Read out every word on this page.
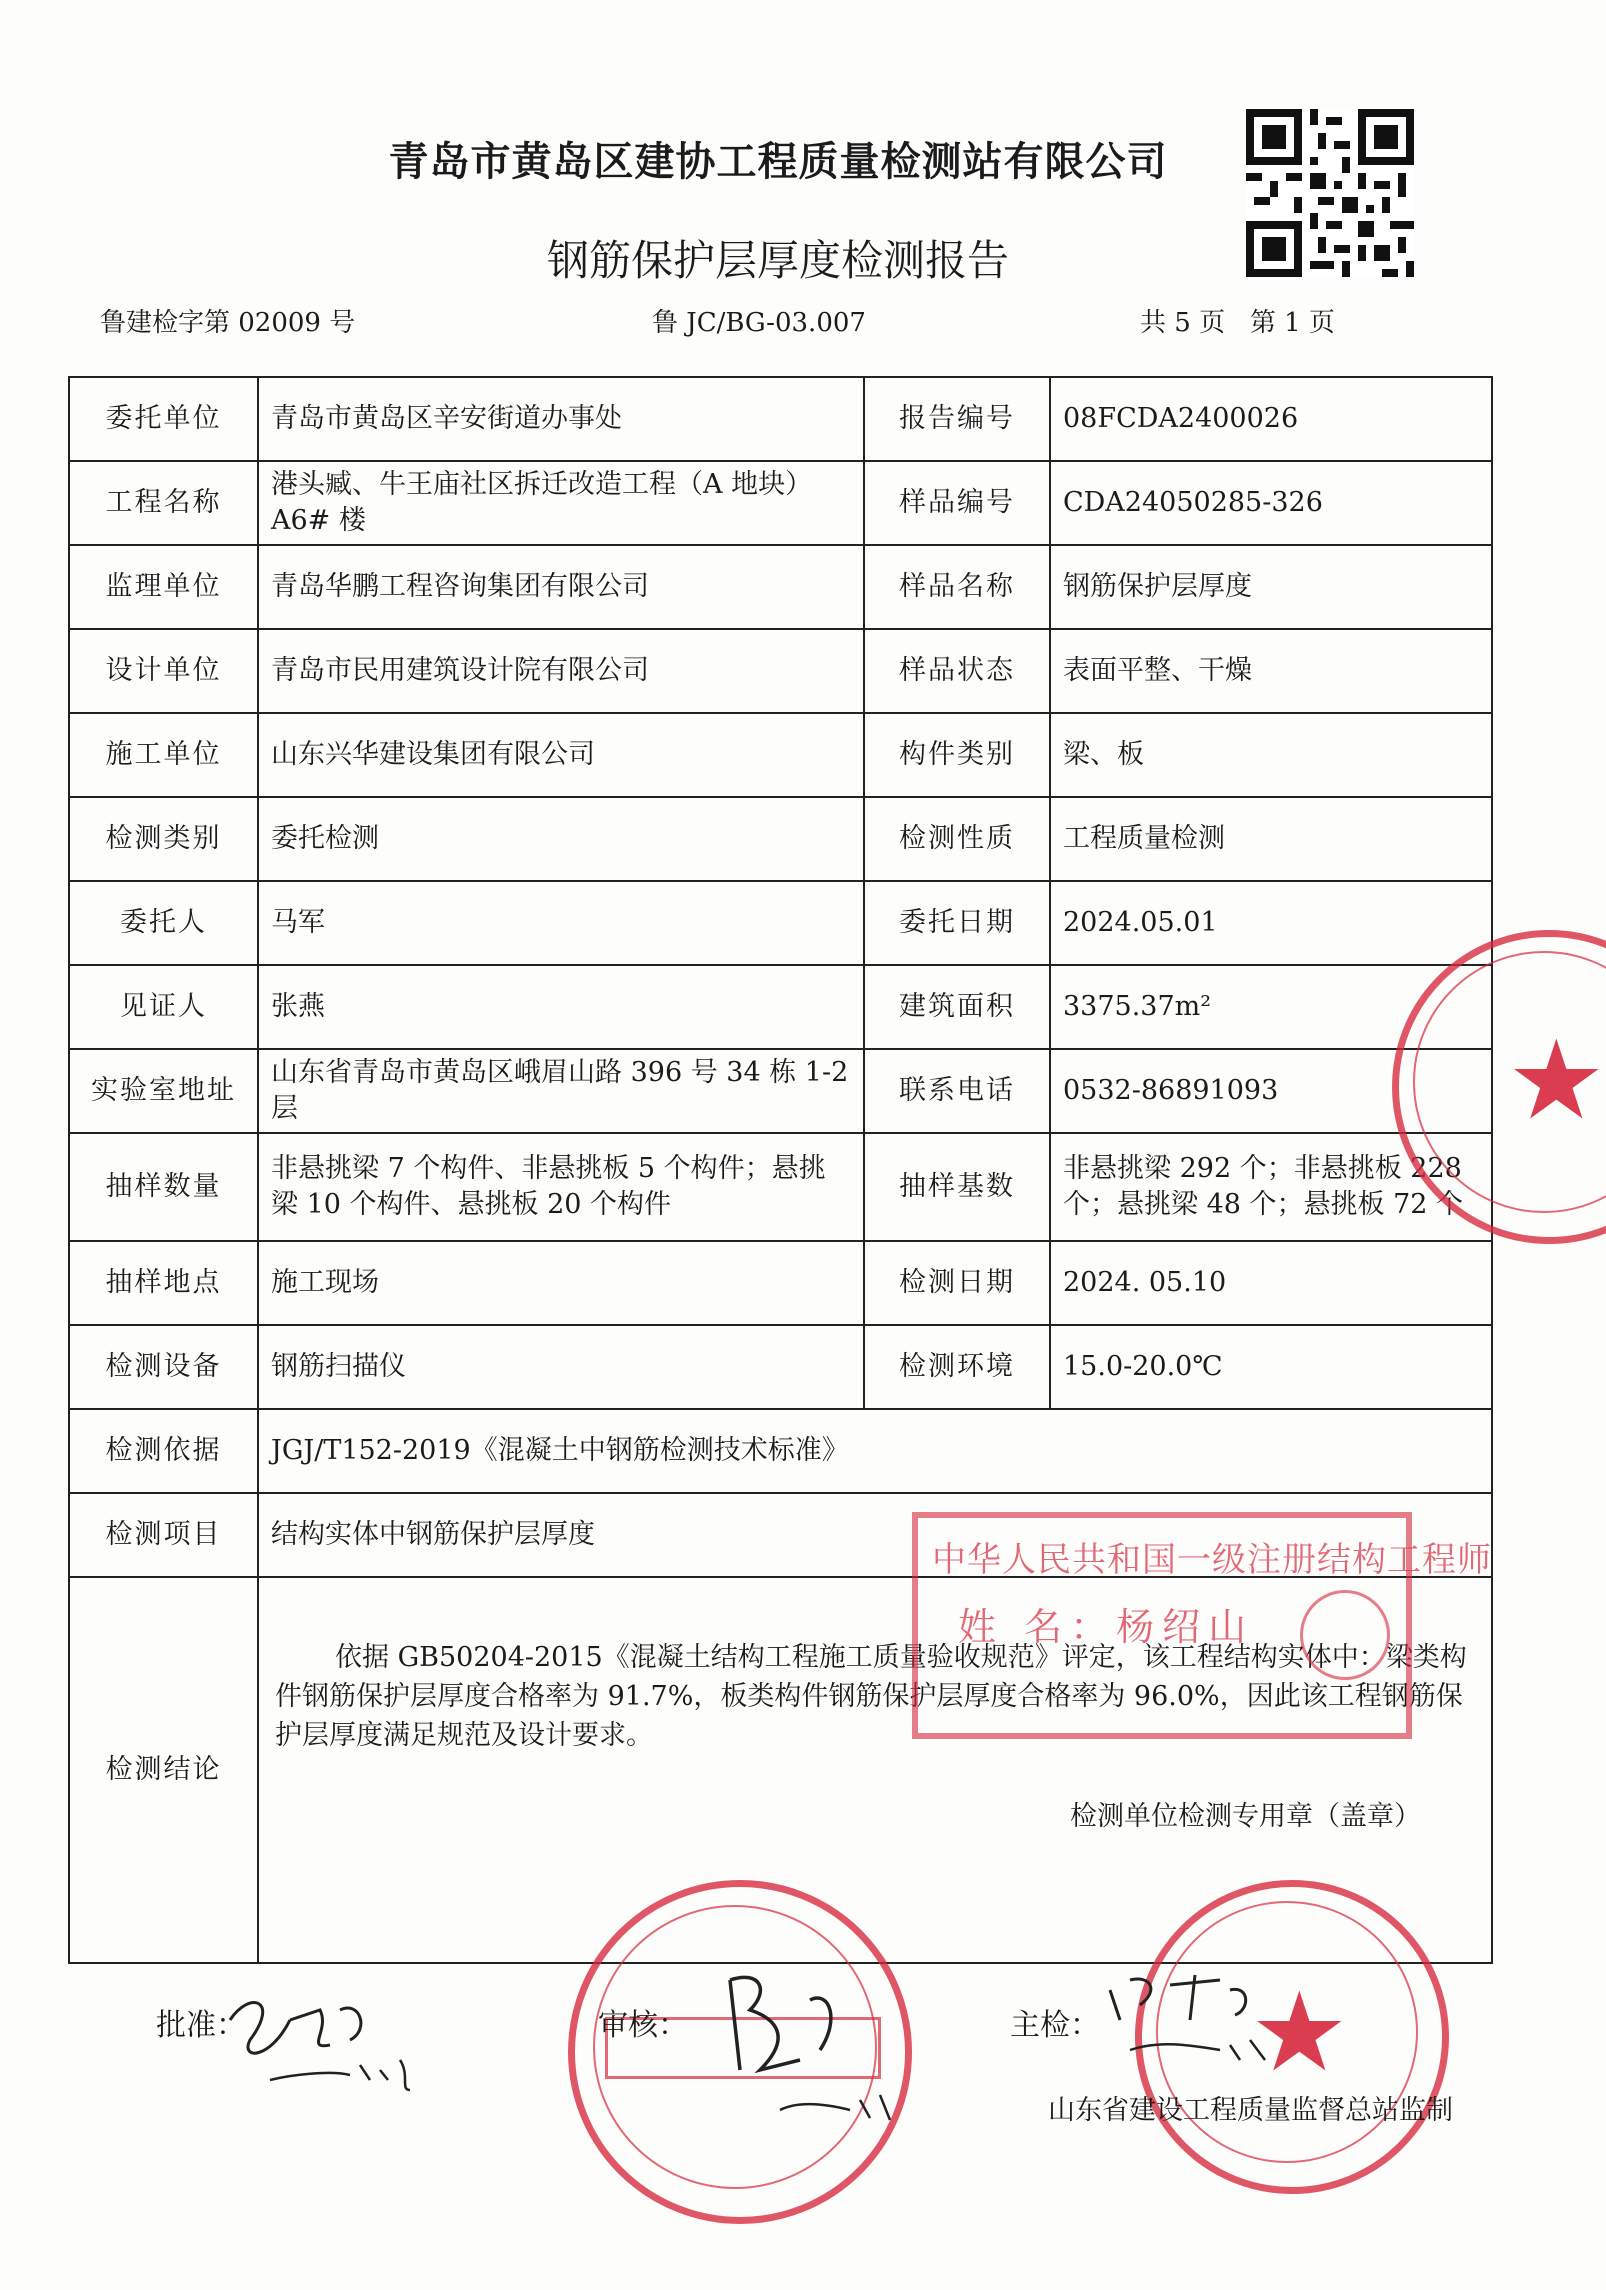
青岛市黄岛区建协工程质量检测站有限公司
钢筋保护层厚度检测报告
鲁建检字第 02009 号	鲁 JC/BG-03.007	共 5 页   第 1 页
委托单位	青岛市黄岛区辛安街道办事处	报告编号	08FCDA2400026
工程名称	港头臧、牛王庙社区拆迁改造工程（A 地块）A6# 楼	样品编号	CDA24050285-326
监理单位	青岛华鹏工程咨询集团有限公司	样品名称	钢筋保护层厚度
设计单位	青岛市民用建筑设计院有限公司	样品状态	表面平整、干燥
施工单位	山东兴华建设集团有限公司	构件类别	梁、板
检测类别	委托检测	检测性质	工程质量检测
委托人	马军	委托日期	2024.05.01
见证人	张燕	建筑面积	3375.37m²
实验室地址	山东省青岛市黄岛区峨眉山路 396 号 34 栋 1-2 层	联系电话	0532-86891093
抽样数量	非悬挑梁 7 个构件、非悬挑板 5 个构件；悬挑梁 10 个构件、悬挑板 20 个构件	抽样基数	非悬挑梁 292 个；非悬挑板 228 个；悬挑梁 48 个；悬挑板 72 个
抽样地点	施工现场	检测日期	2024. 05.10
检测设备	钢筋扫描仪	检测环境	15.0-20.0℃
检测依据	JGJ/T152-2019《混凝土中钢筋检测技术标准》		
检测项目	结构实体中钢筋保护层厚度		
检测结论	依据 GB50204-2015《混凝土结构工程施工质量验收规范》评定，该工程结构实体中：梁类构件钢筋保护层厚度合格率为 91.7%，板类构件钢筋保护层厚度合格率为 96.0%，因此该工程钢筋保护层厚度满足规范及设计要求。
检测单位检测专用章（盖章）		
中华人民共和国一级注册结构工程师
姓 名：杨绍山
★
★
批准：	审核：	主检：
山东省建设工程质量监督总站监制
